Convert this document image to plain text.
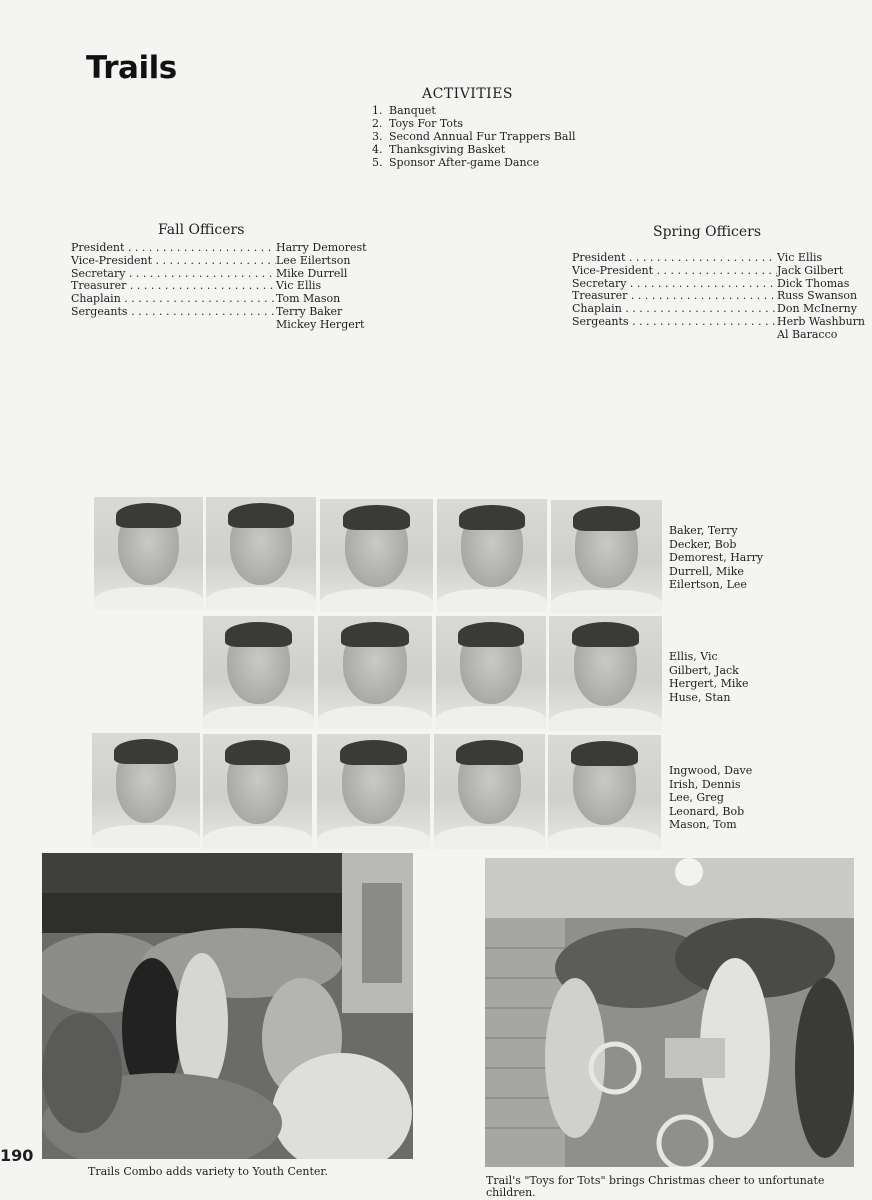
Trails
ACTIVITIES
1. Banquet
2. Toys For Tots
3. Second Annual Fur Trappers Ball
4. Thanksgiving Basket
5. Sponsor After-game Dance
Fall Officers
President . . .	Harry Demorest
Vice-President . . .	Lee Eilertson
Secretary . . .	Mike Durrell
Treasurer . . .	Vic Ellis
Chaplain . . .	Tom Mason
Sergeants . . .	Terry Baker
Mickey Hergert
Spring Officers
President . . .	Vic Ellis
Vice-President . . .	Jack Gilbert
Secretary . . .	Dick Thomas
Treasurer . . .	Russ Swanson
Chaplain . . .	Don McInerny
Sergeants . . .	Herb Washburn
Al Baracco
Baker, Terry
Decker, Bob
Demorest, Harry
Durrell, Mike
Eilertson, Lee
Ellis, Vic
Gilbert, Jack
Hergert, Mike
Huse, Stan
Ingwood, Dave
Irish, Dennis
Lee, Greg
Leonard, Bob
Mason, Tom
Trails Combo adds variety to Youth Center.
Trail's "Toys for Tots" brings Christmas cheer to unfortunate
children.
190
